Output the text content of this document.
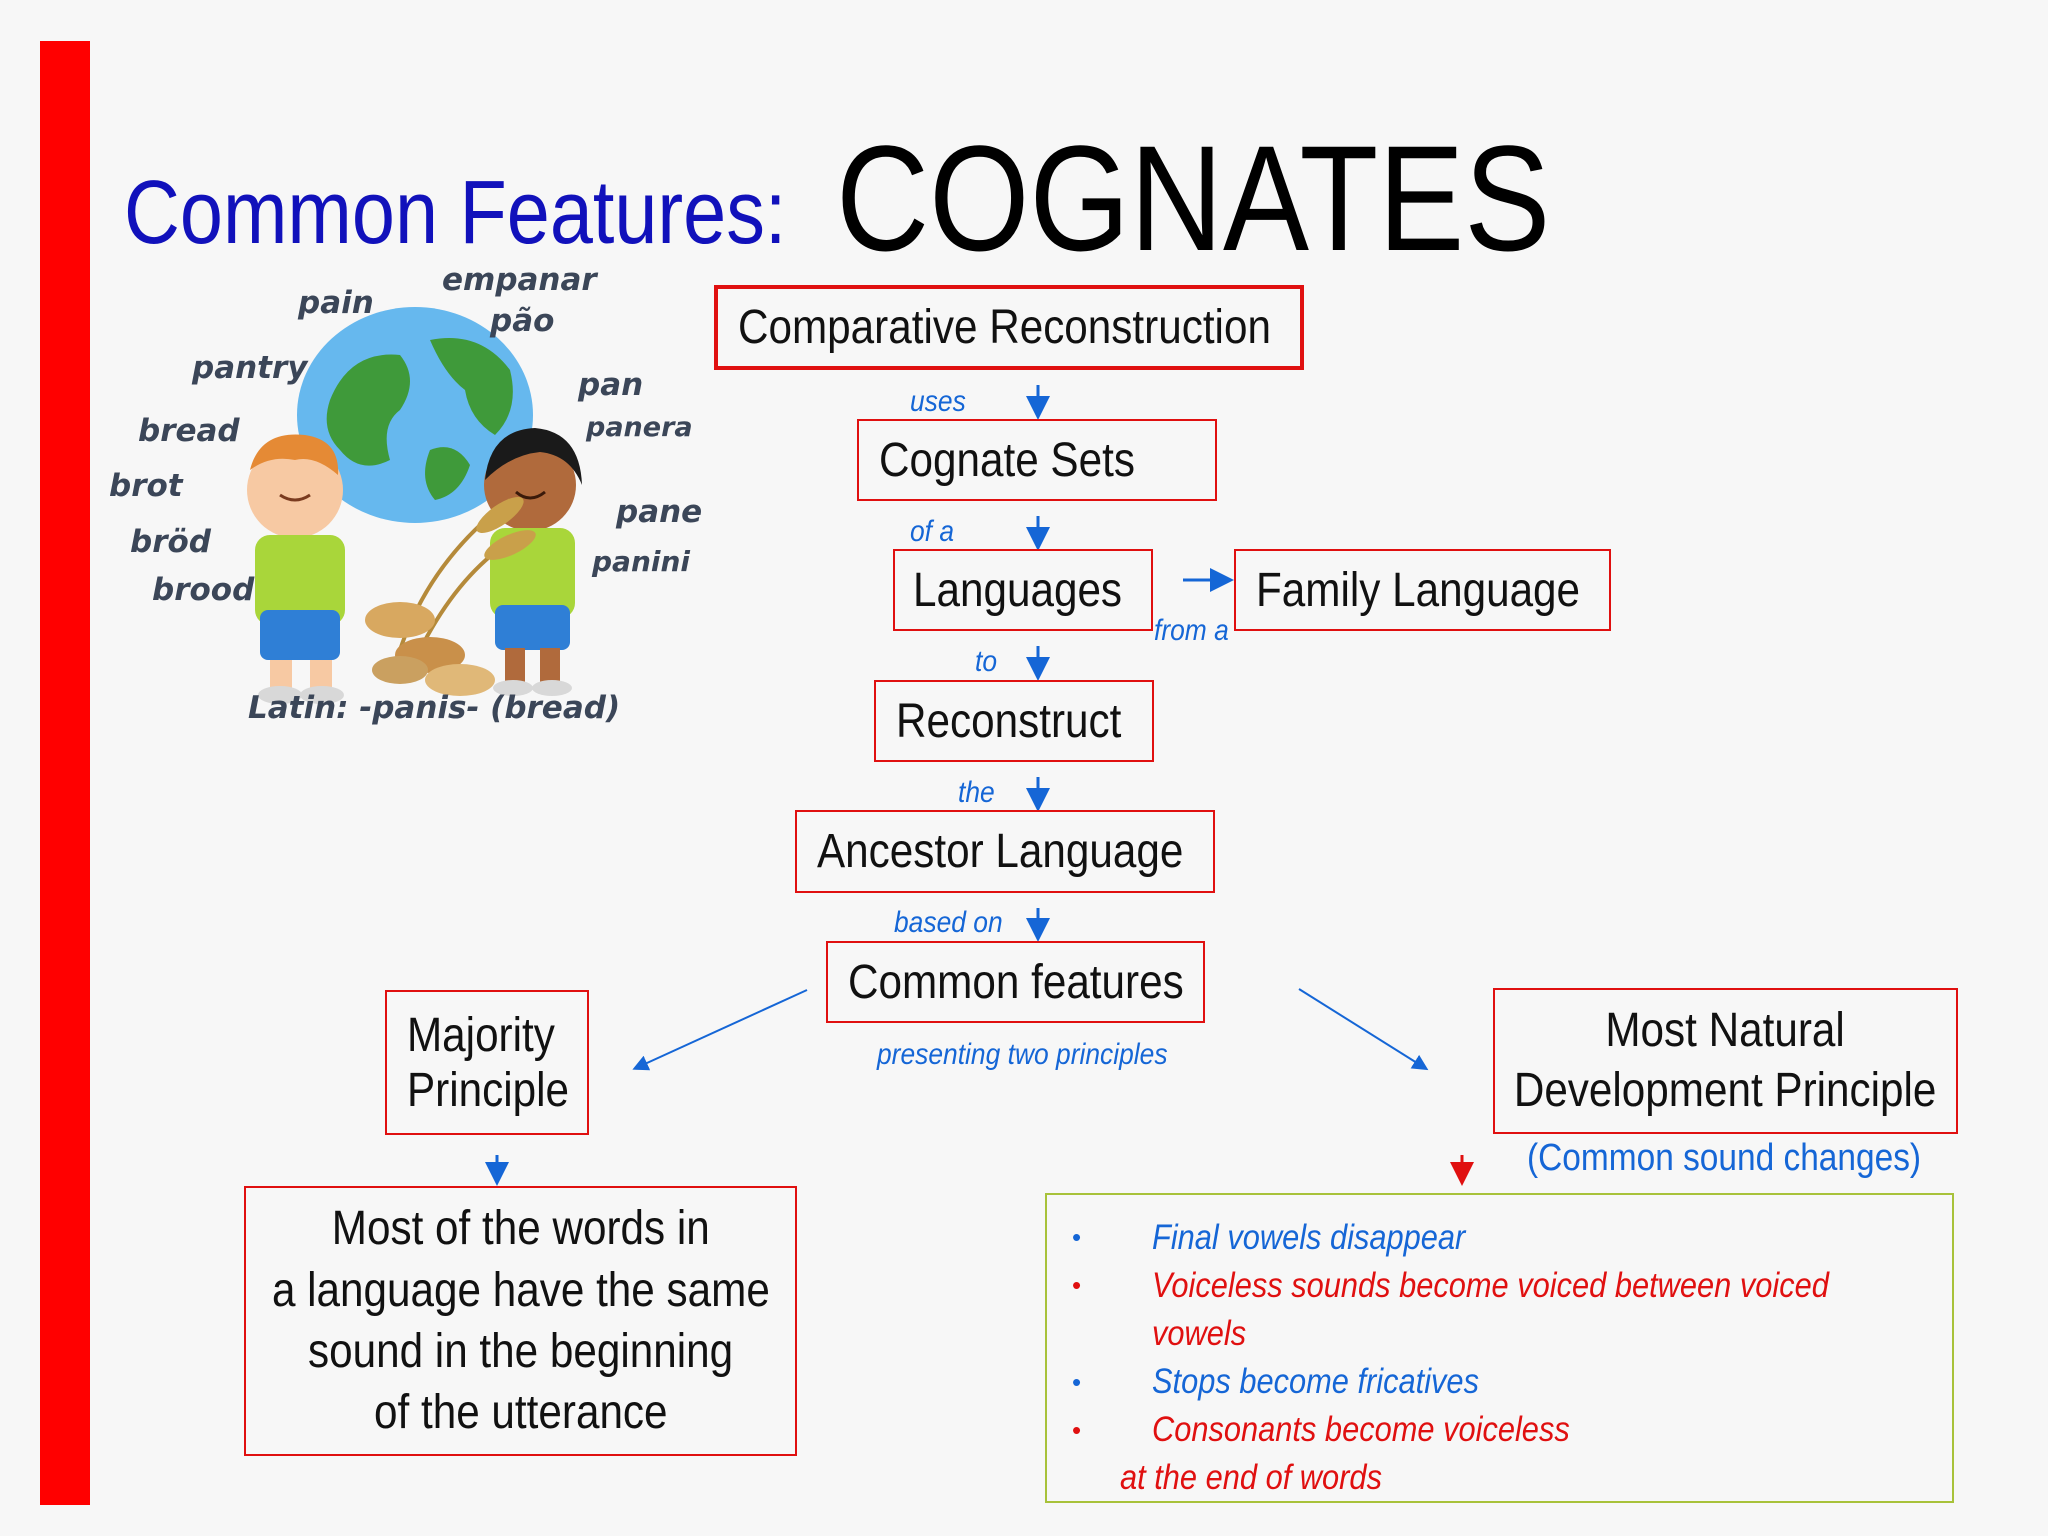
Common Features: COGNATES
pain
empanar
pão
pantry	pan
bread	panera
brot
pane
bröd
panini
brood
Latin: -panis- (bread)
Comparative Reconstruction
uses
Cognate Sets
of a
Languages
from a
Family Language
to
Reconstruct
the
Ancestor Language
based on
Common features
presenting two principles
Majority
Principle
Most of the words in
a language have the same
sound in the beginning
of the utterance
Most Natural
Development Principle
(Common sound changes)
• Final vowels disappear
• Voiceless sounds become voiced between voiced
vowels
• Stops become fricatives
• Consonants become voiceless
at the end of words
